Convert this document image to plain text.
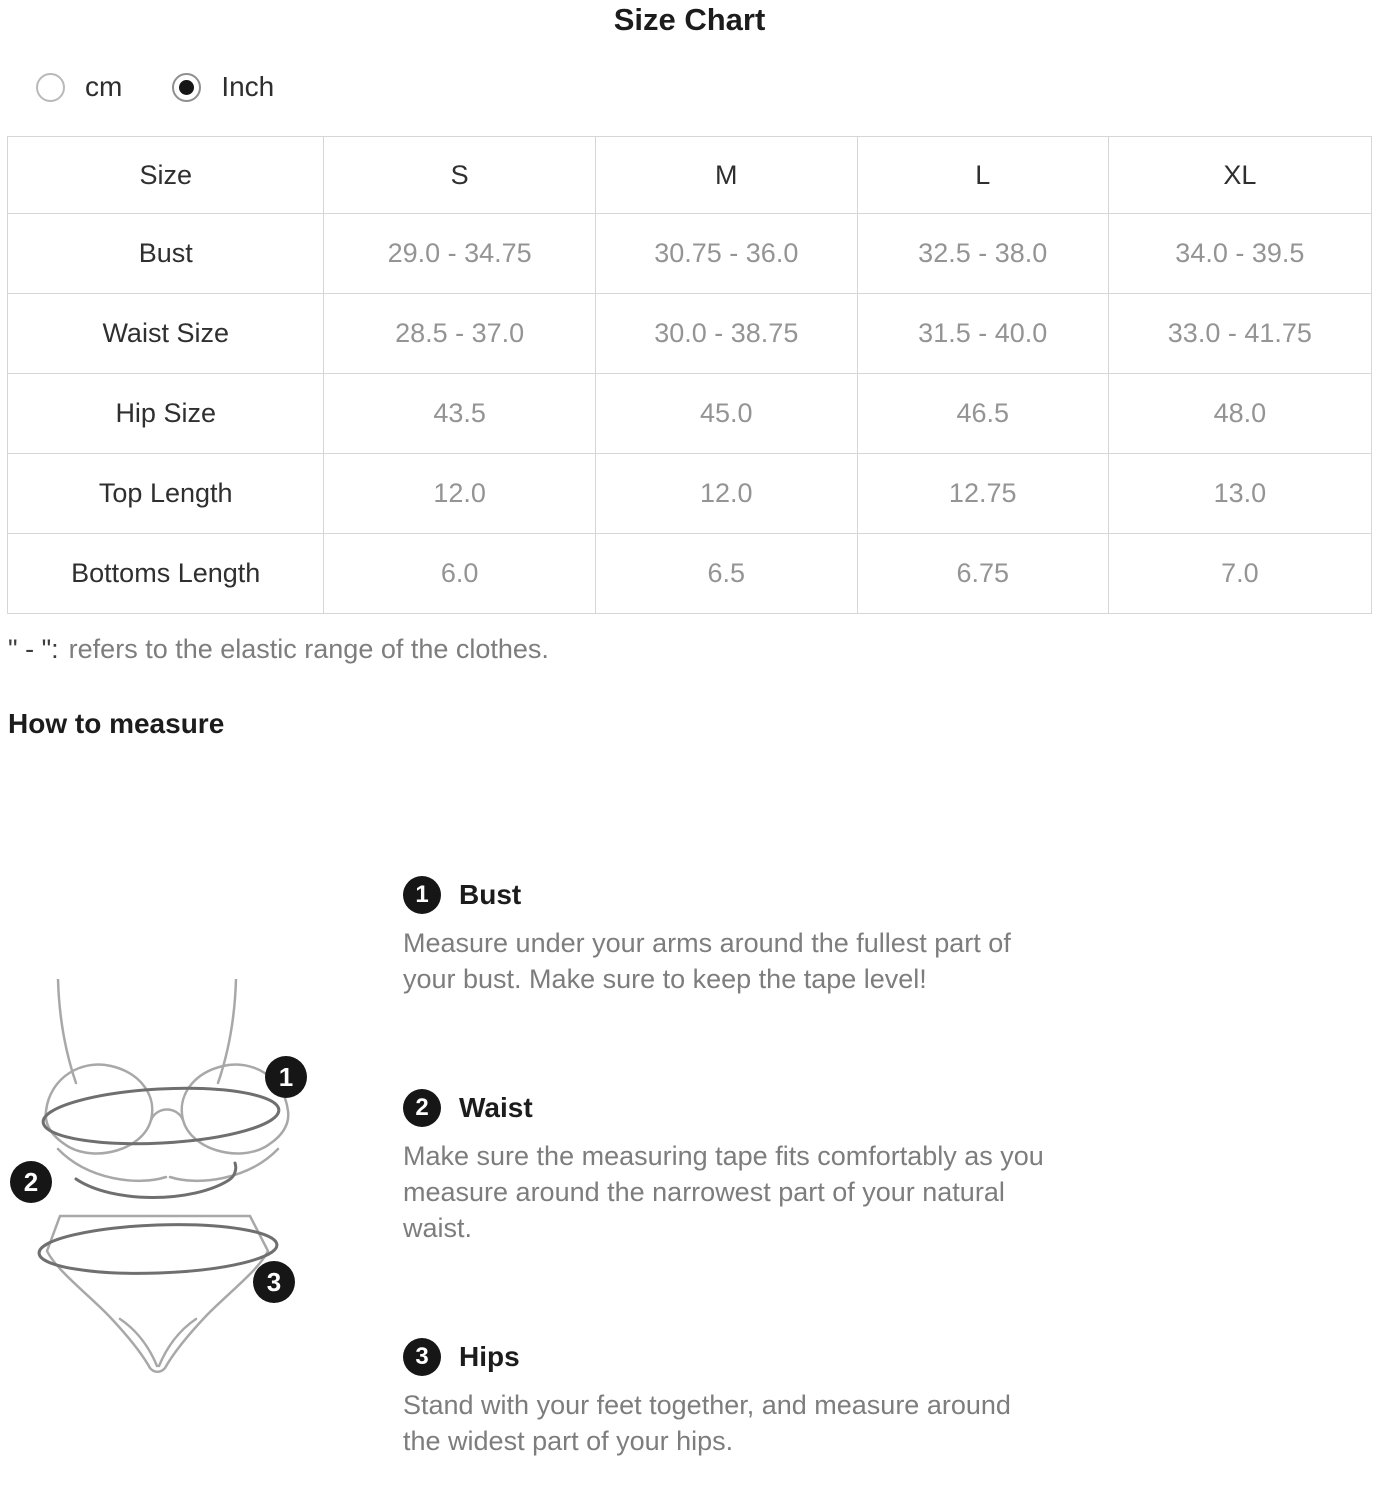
Size Chart
cm	Inch
Size	S	M	L	XL
Bust	29.0 - 34.75	30.75 - 36.0	32.5 - 38.0	34.0 - 39.5
Waist Size	28.5 - 37.0	30.0 - 38.75	31.5 - 40.0	33.0 - 41.75
Hip Size	43.5	45.0	46.5	48.0
Top Length	12.0	12.0	12.75	13.0
Bottoms Length	6.0	6.5	6.75	7.0

" - ": refers to the elastic range of the clothes.

How to measure
1
2
3
1	Bust

Measure under your arms around the fullest part of your bust. Make sure to keep the tape level!

2	Waist

Make sure the measuring tape fits comfortably as you measure around the narrowest part of your natural waist.

3	Hips

Stand with your feet together, and measure around the widest part of your hips.
